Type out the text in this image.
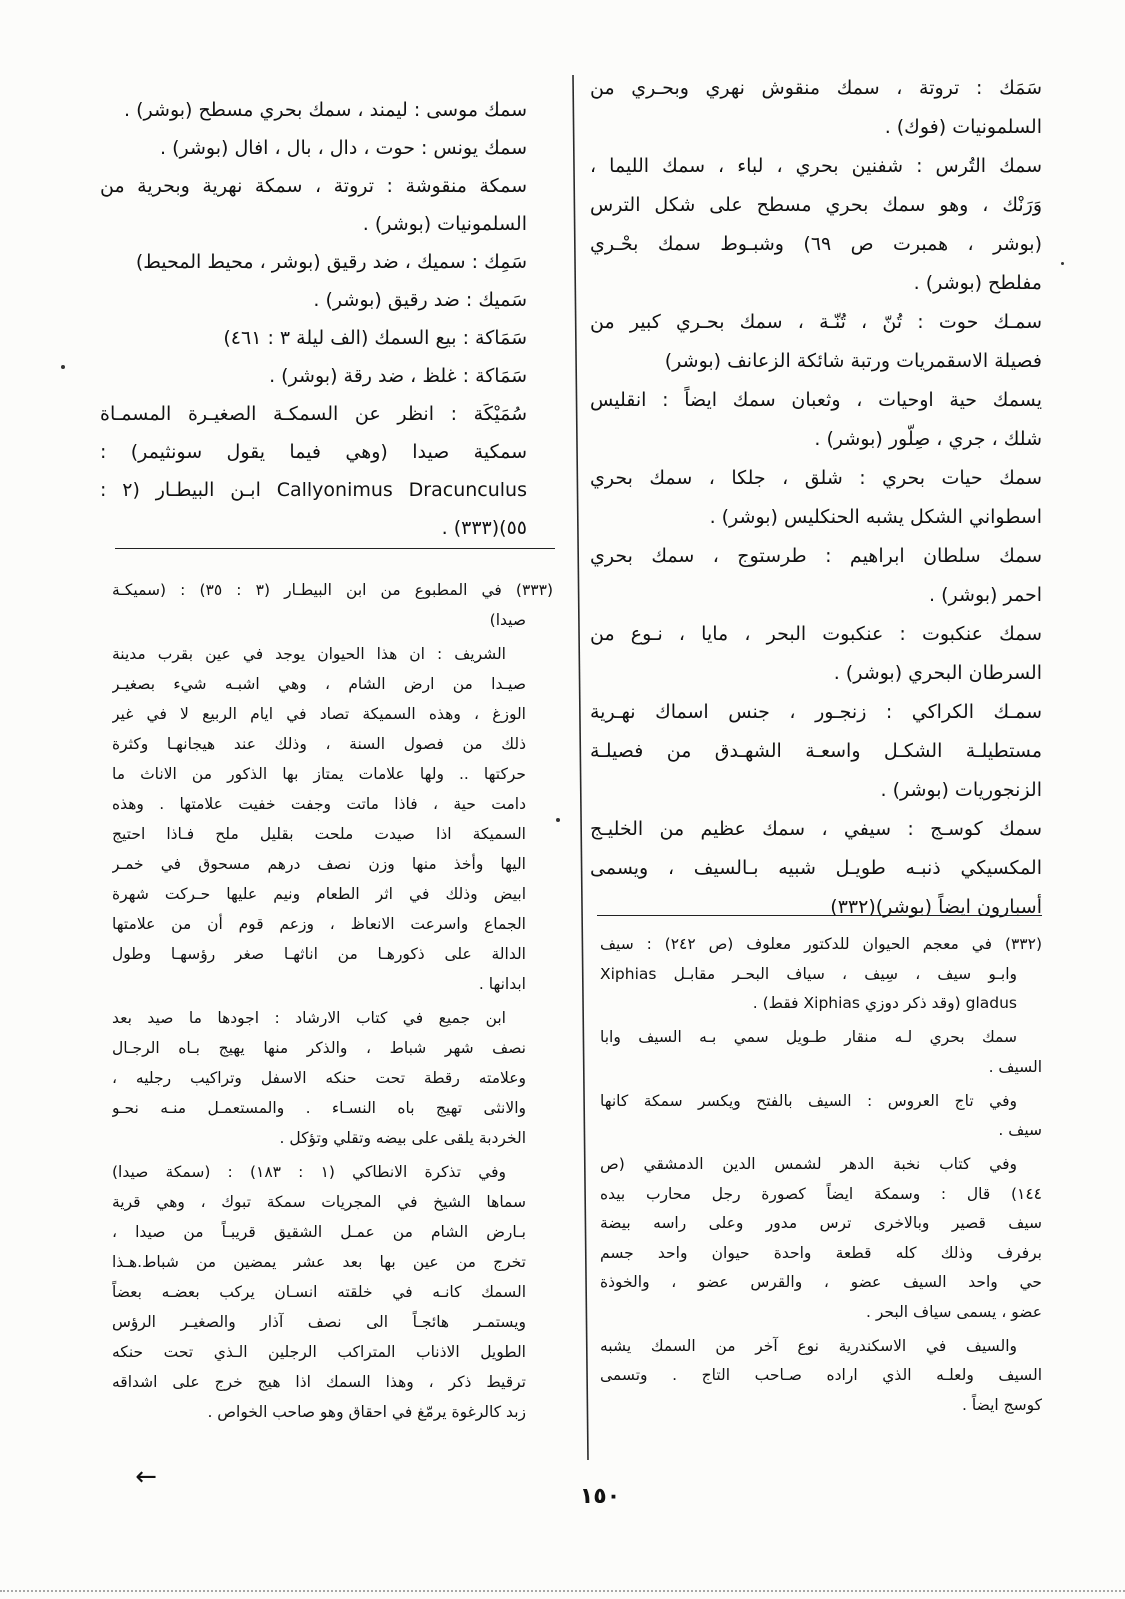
سَمَك : تروتة ، سمك منقوش نهري وبحـري من
السلمونيات (فوك) .
سمك التُرس : شفنين بحري ، لباء ، سمك الليما ،
وَرَنْك ، وهو سمك بحري مسطح على شكل الترس
(بوشر ، همبرت ص ٦٩) وشبـوط سمك بحْـري
مفلطح (بوشر) .
سمـك حوت : تُنّ ، تُنّـة ، سمك بحـري كبير من
فصيلة الاسقمريات ورتبة شائكة الزعانف (بوشر)
يسمك حية اوحيات ، وثعبان سمك ايضاً : انقليس
شلك ، جري ، صِلّور (بوشر) .
سمك حيات بحري : شلق ، جلكا ، سمك بحري
اسطواني الشكل يشبه الحنكليس (بوشر) .
سمك سلطان ابراهيم : طرستوج ، سمك بحري
احمر (بوشر) .
سمك عنكبوت : عنكبوت البحر ، مايا ، نـوع من
السرطان البحري (بوشر) .
سمـك الكراكي : زنجـور ، جنس اسماك نهـرية
مستطيلـة الشكـل واسعـة الشهـدق من فصيلـة
الزنجوريات (بوشر) .
سمك كوسـج : سيفي ، سمك عظيم من الخليـج
المكسيكي ذنبـه طويـل شبيه بـالسيف ، ويسمى
أسبارون ايضاً (بوشر)(٣٣٢)
(٣٣٢) في معجم الحيوان للدكتور معلوف (ص ٢٤٢) : سيف
وابـو سيف ، سِيف ، سياف البحـر مقابـل Xiphias
gladus (وقد ذكر دوزي Xiphias فقط) .
سمك بحري لـه منقار طـويل سمي بـه السيف وابا
السيف .
وفي تاج العروس : السيف بالفتح ويكسر سمكة كانها
سيف .
وفي كتاب نخبة الدهر لشمس الدين الدمشقي (ص
١٤٤) قال : وسمكة ايضاً كصورة رجل محارب بيده
سيف قصير وبالاخرى ترس مدور وعلى راسه بيضة
برفرف وذلك كله قطعة واحدة حيوان واحد جسم
حي واحد السيف عضو ، والقرس عضو ، والخوذة
عضو ، يسمى سياف البحر .
والسيف في الاسكندرية نوع آخر من السمك يشبه
السيف ولعلـه الذي اراده صـاحب التاج . وتسمى
كوسج ايضاً .
سمك موسى : ليمند ، سمك بحري مسطح (بوشر) .
سمك يونس : حوت ، دال ، بال ، افال (بوشر) .
سمكة منقوشة : تروتة ، سمكة نهرية وبحرية من
السلمونيات (بوشر) .
سَمِك : سميك ، ضد رقيق (بوشر ، محيط المحيط)
سَميك : ضد رقيق (بوشر) .
سَمَاكة : بيع السمك (الف ليلة ٣ : ٤٦١)
سَمَاكة : غلظ ، ضد رقة (بوشر) .
سُمَيْكَة : انظر عن السمكـة الصغيـرة المسمـاة
سمكية صيدا (وهي فيما يقول سونثيمر) :
Callyonimus Dracunculus ابـن البيطـار (٢ :
٥٥)(٣٣٣) .
(٣٣٣) في المطبوع من ابن البيطـار (٣ : ٣٥) : (سميكـة
صيدا)
الشريف : ان هذا الحيوان يوجد في عين بقرب مدينة
صيـدا من ارض الشام ، وهي اشبـه شيء بصغيـر
الوزغ ، وهذه السميكة تصاد في ايام الربيع لا في غير
ذلك من فصول السنة ، وذلك عند هيجانهـا وكثرة
حركتها .. ولها علامات يمتاز بها الذكور من الاناث ما
دامت حية ، فاذا ماتت وجفت خفيت علامتها . وهذه
السميكة اذا صيدت ملحت بقليل ملح فـاذا احتيج
اليها وأخذ منها وزن نصف درهم مسحوق في خمـر
ابيض وذلك في اثر الطعام ونيم عليها حـركت شهرة
الجماع واسرعت الانعاظ ، وزعم قوم أن من علامتها
الدالة على ذكورهـا من اناثهـا صغر رؤسهـا وطول
ابدانها .
ابن جميع في كتاب الارشاد : اجودها ما صيد بعد
نصف شهر شباط ، والذكر منها يهيج بـاه الرجـال
وعلامته رقطة تحت حنكه الاسفل وتراكيب رجليه ،
والانثى تهيج باه النسـاء . والمستعمـل منـه نحـو
الخردبة يلقى على بيضه وتقلي وتؤكل .
وفي تذكرة الانطاكي (١ : ١٨٣) : (سمكة صيدا)
سماها الشيخ في المجريات سمكة تبوك ، وهي قرية
بـارض الشام من عمـل الشقيق قريبـاً من صيدا ،
تخرج من عين بها بعد عشر يمضين من شباط.هـذا
السمك كانـه في خلقته انسـان يركب بعضـه بعضاً
ويستمـر هائجـاً الى نصف آذار والصغيـر الرؤس
الطويل الاذناب المتراكب الرجلين الـذي تحت حنكه
ترقيط ذكر ، وهذا السمك اذا هيج خرج على اشداقه
زبد كالرغوة يرمّغ في احقاق وهو صاحب الخواص .
←
١٥٠
